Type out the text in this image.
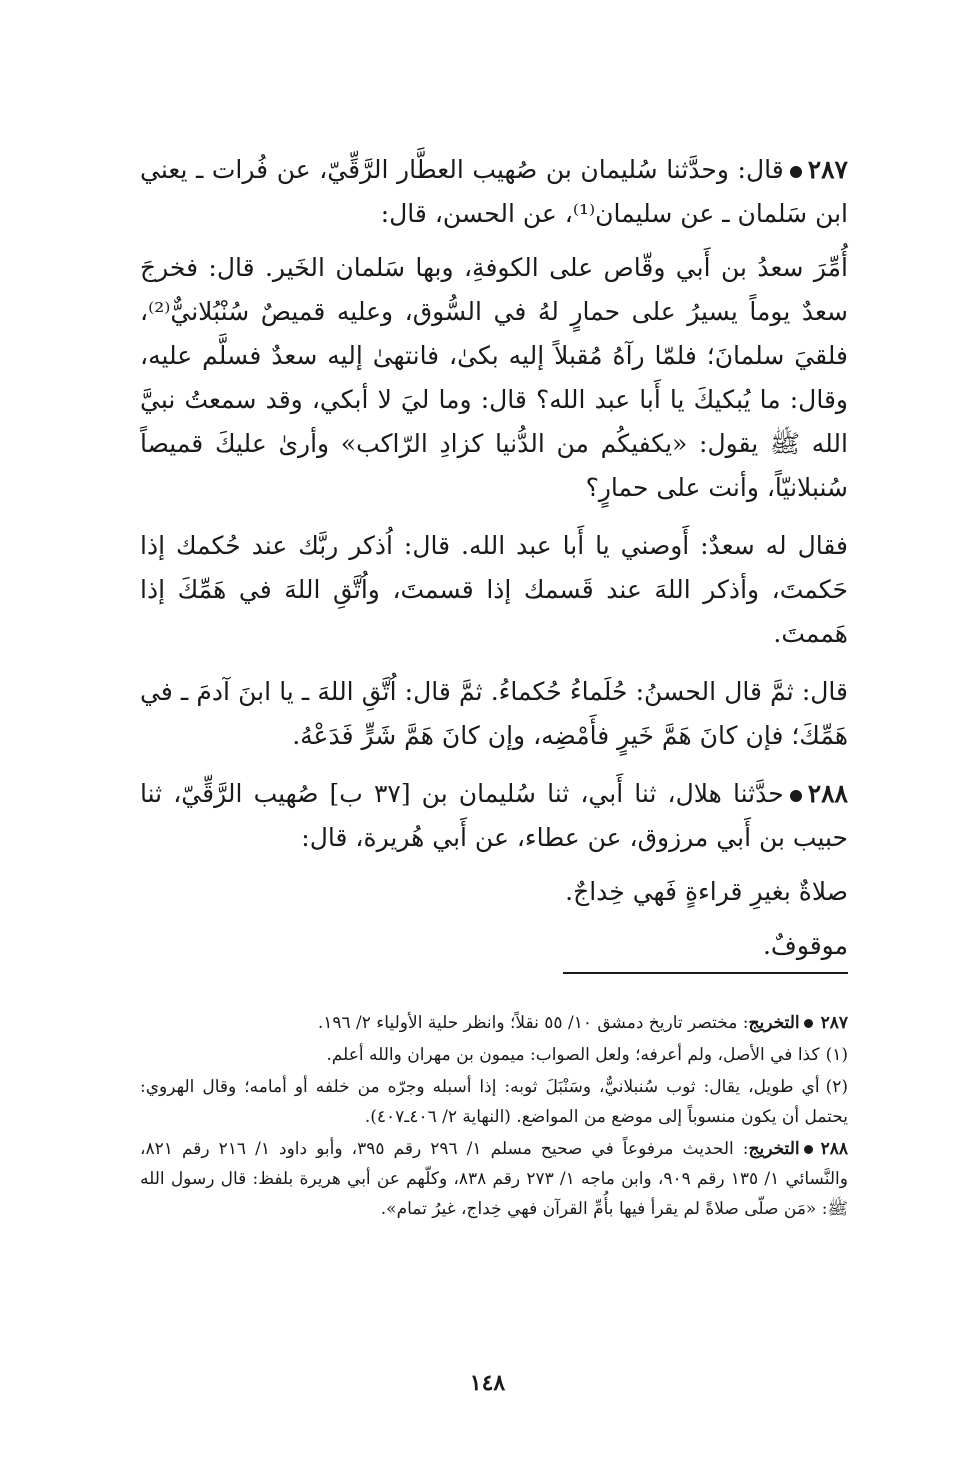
٢٨٧قال: وحدَّثنا سُليمان بن صُهيب العطَّار الرَّقِّيّ، عن فُرات ـ يعني ابن سَلمان ـ عن سليمان⁽¹⁾، عن الحسن، قال:

أُمِّرَ سعدُ بن أَبي وقّاص على الكوفةِ، وبها سَلمان الخَير. قال: فخرجَ سعدٌ يوماً يسيرُ على حمارٍ لهُ في السُّوق، وعليه قميصٌ سُنْبُلانيٌّ⁽²⁾، فلقيَ سلمانَ؛ فلمّا رآهُ مُقبلاً إليه بكىٰ، فانتهىٰ إليه سعدٌ فسلَّم عليه، وقال: ما يُبكيكَ يا أَبا عبد الله؟ قال: وما ليَ لا أبكي، وقد سمعتُ نبيَّ الله ﷺ يقول: «يكفيكُم من الدُّنيا كزادِ الرّاكب» وأرىٰ عليكَ قميصاً سُنبلانيّاً، وأنت على حمارٍ؟

فقال له سعدٌ: أَوصني يا أَبا عبد الله. قال: اُذكر ربَّك عند حُكمك إذا حَكمتَ، وأذكر اللهَ عند قَسمك إذا قسمتَ، واُتَّقِ اللهَ في هَمِّكَ إذا هَممتَ.

قال: ثمَّ قال الحسنُ: حُلَماءُ حُكماءُ. ثمَّ قال: اُتَّقِ اللهَ ـ يا ابنَ آدمَ ـ في هَمِّكَ؛ فإن كانَ هَمَّ خَيرٍ فأَمْضِه، وإن كانَ هَمَّ شَرٍّ فَدَعْهُ.

٢٨٨حدَّثنا هلال، ثنا أَبي، ثنا سُليمان بن [٣٧ ب] صُهيب الرَّقِّيّ، ثنا حبيب بن أَبي مرزوق، عن عطاء، عن أَبي هُريرة، قال:

صلاةٌ بغيرِ قراءةٍ فَهي خِداجٌ.

موقوفٌ.

٢٨٧التخريج: مختصر تاريخ دمشق ١٠/ ٥٥ نقلاً؛ وانظر حلية الأولياء ٢/ ١٩٦.

(١)كذا في الأصل، ولم أعرفه؛ ولعل الصواب: ميمون بن مهران والله أعلم.

(٢)أي طويل، يقال: ثوب سُنبلانيٌّ، وسَنْبَلَ ثوبه: إذا أسبله وجرّه من خلفه أو أمامه؛ وقال الهروي: يحتمل أن يكون منسوباً إلى موضع من المواضع. (النهاية ٢/ ٤٠٦ـ٤٠٧).

٢٨٨التخريج: الحديث مرفوعاً في صحيح مسلم ١/ ٢٩٦ رقم ٣٩٥، وأبو داود ١/ ٢١٦ رقم ٨٢١، والنَّسائي ١/ ١٣٥ رقم ٩٠٩، وابن ماجه ١/ ٢٧٣ رقم ٨٣٨، وكلّهم عن أبي هريرة بلفظ: قال رسول الله ﷺ: «مَن صلّى صلاةً لم يقرأ فيها بأُمِّ القرآن فهي خِداج، غيرُ تمام».

١٤٨
